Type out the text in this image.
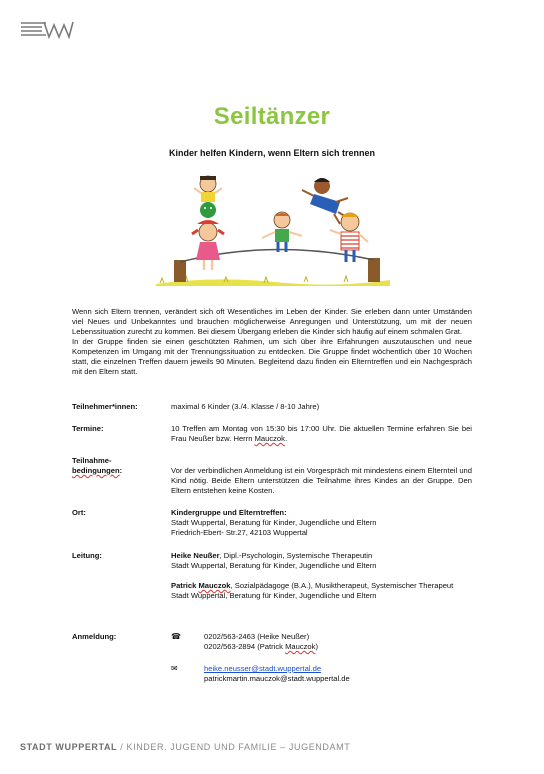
Seiltänzer
Kinder helfen Kindern, wenn Eltern sich trennen

Wenn sich Eltern trennen, verändert sich oft Wesentliches im Leben der Kinder. Sie erleben dann unter Umständen viel Neues und Unbekanntes und brauchen möglicherweise Anregungen und Unterstützung, um mit der neuen Lebenssituation zurecht zu kommen. Bei diesem Übergang erleben die Kinder sich häufig auf einem schmalen Grat.

In der Gruppe finden sie einen geschützten Rahmen, um sich über ihre Erfahrungen auszutauschen und neue Kompetenzen im Umgang mit der Trennungssituation zu entdecken. Die Gruppe findet wöchentlich über 10 Wochen statt, die einzelnen Treffen dauern jeweils 90 Minuten. Begleitend dazu finden ein Elterntreffen und ein Nachgespräch mit den Eltern statt.

Teilnehmer*innen:	maximal 6 Kinder (3./4. Klasse / 8-10 Jahre)
Termine:	10 Treffen am Montag von 15:30 bis 17:00 Uhr. Die aktuellen Termine erfahren Sie bei Frau Neußer bzw. Herrn Mauczok.
Teilnahme-
bedingungen:	Vor der verbindlichen Anmeldung ist ein Vorgespräch mit mindestens einem Elternteil und Kind nötig. Beide Eltern unterstützen die Teilnahme ihres Kindes an der Gruppe. Den Eltern entstehen keine Kosten.
Ort:	Kindergruppe und Elterntreffen:

Stadt Wuppertal, Beratung für Kinder, Jugendliche und Eltern

Friedrich-Ebert- Str.27, 42103 Wuppertal

Leitung:	Heike Neußer, Dipl.-Psychologin, Systemische Therapeutin

Stadt Wuppertal, Beratung für Kinder, Jugendliche und Eltern

Patrick Mauczok, Sozialpädagoge (B.A.), Musiktherapeut, Systemischer Therapeut

Stadt Wuppertal, Beratung für Kinder, Jugendliche und Eltern

Anmeldung:	☎	0202/563-2463 (Heike Neußer)
0202/563-2894 (Patrick Mauczok)
✉	heike.neusser@stadt.wuppertal.de
patrickmartin.mauczok@stadt.wuppertal.de
STADT WUPPERTAL / KINDER. JUGEND UND FAMILIE – JUGENDAMT
